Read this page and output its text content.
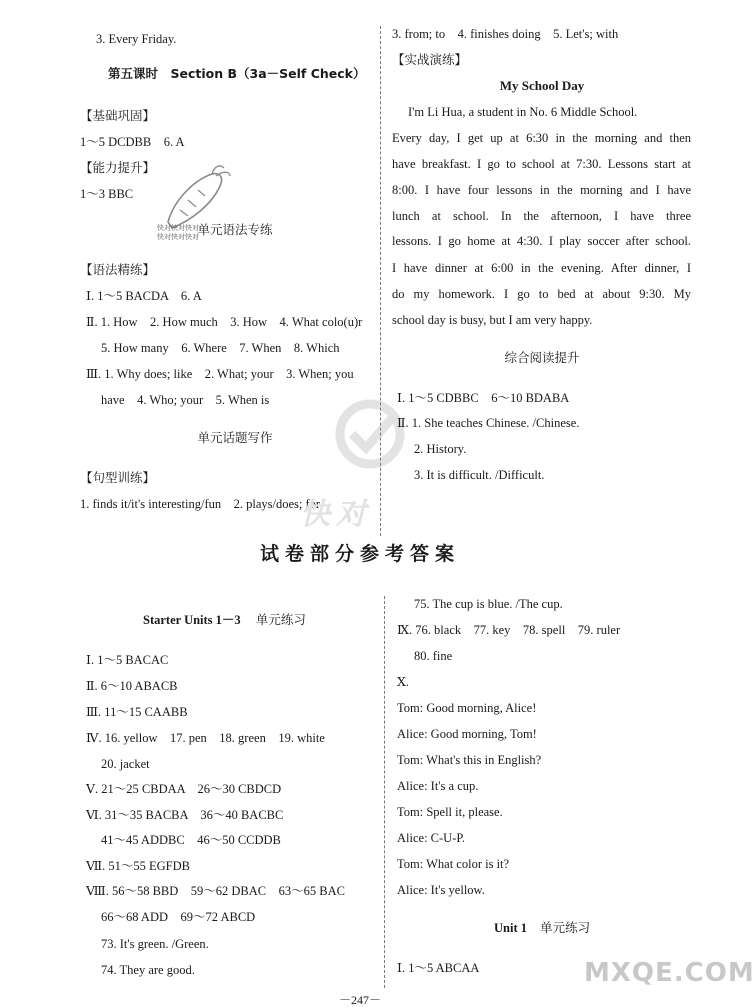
3. Every Friday.
第五课时　Section B（3a－Self Check）
【基础巩固】
1～5 DCDBB　6. A
【能力提升】
1～3 BBC
单元语法专练
【语法精练】
Ⅰ. 1～5 BACDA　6. A
Ⅱ. 1. How　2. How much　3. How　4. What colo(u)r
5. How many　6. Where　7. When　8. Which
Ⅲ. 1. Why does; like　2. What; your　3. When; you
have　4. Who; your　5. When is
单元话题写作
【句型训练】
1. finds it/it's interesting/fun　2. plays/does; for
快对快对快对
快对快对快对
快对
3. from; to　4. finishes doing　5. Let's; with
【实战演练】
My School Day
I'm Li Hua, a student in No. 6 Middle School.
Every day, I get up at 6:30 in the morning and then
have breakfast. I go to school at 7:30. Lessons start at
8:00. I have four lessons in the morning and I have
lunch at school. In the afternoon, I have three
lessons. I go home at 4:30. I play soccer after school.
I have dinner at 6:00 in the evening. After dinner, I
do my homework. I go to bed at about 9:30. My
school day is busy, but I am very happy.
综合阅读提升
Ⅰ. 1～5 CDBBC　6～10 BDABA
Ⅱ. 1. She teaches Chinese. /Chinese.
2. History.
3. It is difficult. /Difficult.
试卷部分参考答案
Starter Units 1－3 单元练习
Ⅰ. 1～5 BACAC
Ⅱ. 6～10 ABACB
Ⅲ. 11～15 CAABB
Ⅳ. 16. yellow　17. pen　18. green　19. white
20. jacket
Ⅴ. 21～25 CBDAA　26～30 CBDCD
Ⅵ. 31～35 BACBA　36～40 BACBC
41～45 ADDBC　46～50 CCDDB
Ⅶ. 51～55 EGFDB
Ⅷ. 56～58 BBD　59～62 DBAC　63～65 BAC
66～68 ADD　69～72 ABCD
73. It's green. /Green.
74. They are good.
75. The cup is blue. /The cup.
Ⅸ. 76. black　77. key　78. spell　79. ruler
80. fine
Ⅹ.
Tom: Good morning, Alice!
Alice: Good morning, Tom!
Tom: What's this in English?
Alice: It's a cup.
Tom: Spell it, please.
Alice: C-U-P.
Tom: What color is it?
Alice: It's yellow.
Unit 1 单元练习
Ⅰ. 1～5 ABCAA	MXQE.COM
－247－
